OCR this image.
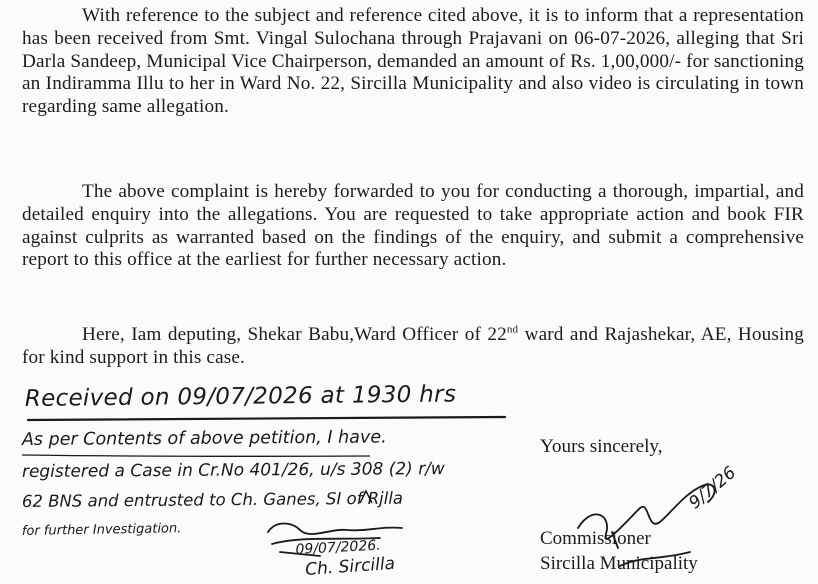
With reference to the subject and reference cited above, it is to inform that a representation has been received from Smt. Vingal Sulochana through Prajavani on 06-07-2026, alleging that Sri Darla Sandeep, Municipal Vice Chairperson, demanded an amount of Rs. 1,00,000/- for sanctioning an Indiramma Illu to her in Ward No. 22, Sircilla Municipality and also video is circulating in town regarding same allegation.
The above complaint is hereby forwarded to you for conducting a thorough, impartial, and detailed enquiry into the allegations. You are requested to take appropriate action and book FIR against culprits as warranted based on the findings of the enquiry, and submit a comprehensive report to this office at the earliest for further necessary action.
Here, Iam deputing, Shekar Babu,Ward Officer of 22nd ward and Rajashekar, AE, Housing for kind support in this case.
Received on 09/07/2026 at 1930 hrs
As per Contents of above petition, I have.
registered a Case in Cr.No 401/26, u/s 308 (2) r/w
62 BNS and entrusted to Ch. Ganes, SI of Rjlla
for further Investigation.
09/07/2026.
Ch. Sircilla
9/7/26
Yours sincerely,
Commissioner
Sircilla Municipality
